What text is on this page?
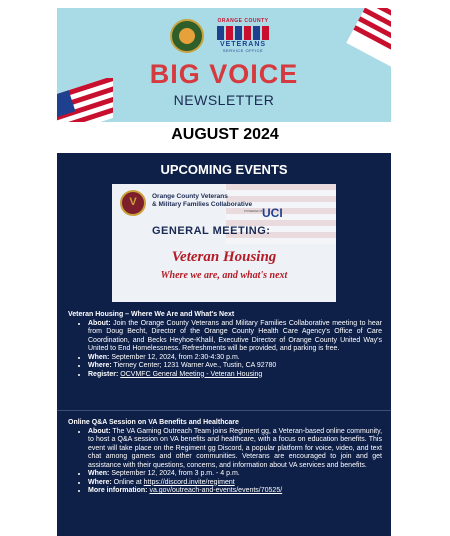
ORANGE COUNTY
VETERANS
SERVICE OFFICE
BIG VOICE
NEWSLETTER
AUGUST 2024
UPCOMING EVENTS
V	Orange County Veterans
& Military Families Collaborative
POWERED BY
UCI
GENERAL MEETING:
Veteran Housing
Where we are, and what's next
Veteran Housing – Where We Are and What's Next
• About: Join the Orange County Veterans and Military Families Collaborative meeting to hear from Doug Becht, Director of the Orange County Health Care Agency's Office of Care Coordination, and Becks Heyhoe-Khalil, Executive Director of Orange County United Way's United to End Homelessness. Refreshments will be provided, and parking is free.
• When: September 12, 2024, from 2:30-4:30 p.m.
• Where: Tierney Center; 1231 Warner Ave., Tustin, CA 92780
• Register: OCVMFC General Meeting - Veteran Housing
Online Q&A Session on VA Benefits and Healthcare
• About: The VA Gaming Outreach Team joins Regiment gg, a Veteran-based online community, to host a Q&A session on VA benefits and healthcare, with a focus on education benefits. This event will take place on the Regiment gg Discord, a popular platform for voice, video, and text chat among gamers and other communities. Veterans are encouraged to join and get assistance with their questions, concerns, and information about VA services and benefits.
• When: September 12, 2024, from 3 p.m. - 4 p.m.
• Where: Online at https://discord.invite/regiment
• More information: va.gov/outreach-and-events/events/70525/
